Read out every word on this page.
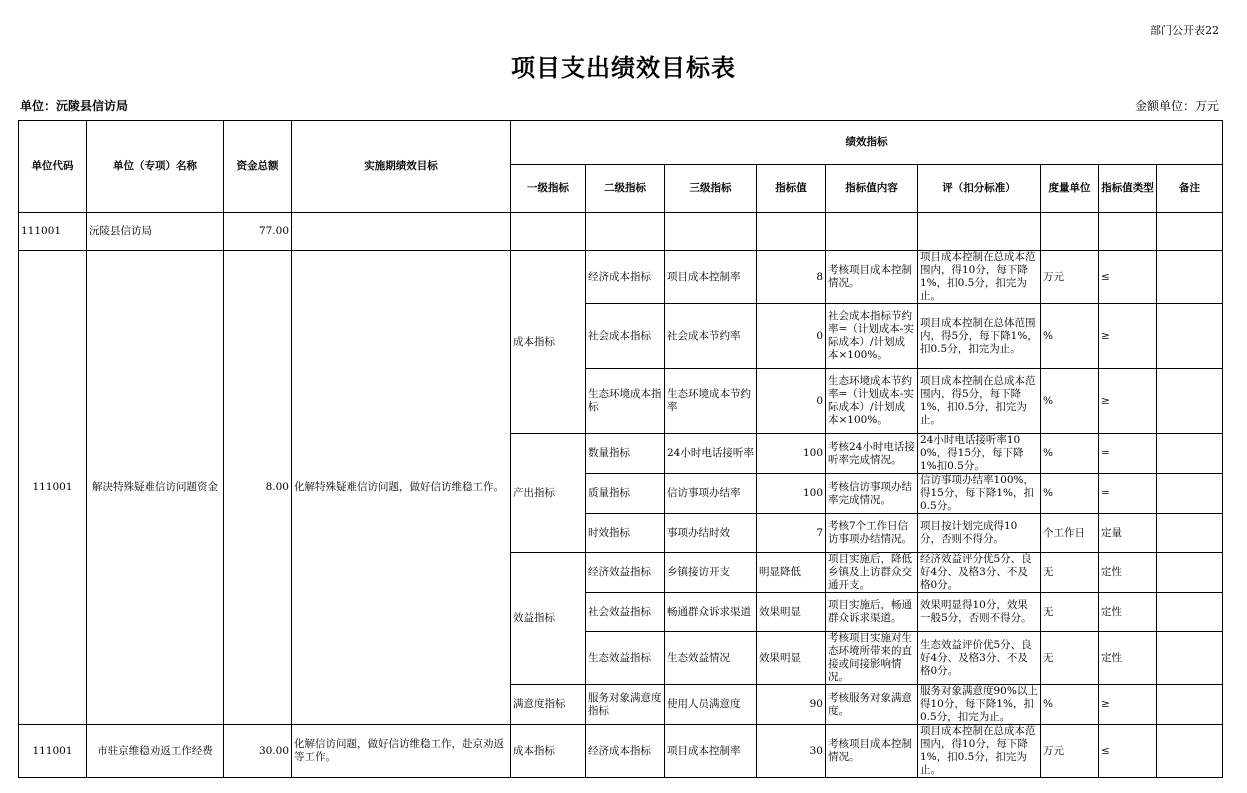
部门公开表22
项目支出绩效目标表
单位：沅陵县信访局	金额单位：万元
单位代码	单位（专项）名称	资金总额	实施期绩效目标	绩效指标								
				一级指标	二级指标	三级指标	指标值	指标值内容	评（扣分标准）	度量单位	指标值类型	备注
111001	沅陵县信访局	77.00										
111001	解决特殊疑难信访问题资金	8.00	化解特殊疑难信访问题，做好信访维稳工作。	成本指标	经济成本指标	项目成本控制率	8	考核项目成本控制情况。	项目成本控制在总成本范围内，得10分，每下降1%，扣0.5分，扣完为止。	万元	≤	
					社会成本指标	社会成本节约率	0	社会成本指标节约率=（计划成本-实际成本）/计划成本×100%。	项目成本控制在总体范围内，得5分，每下降1%，扣0.5分，扣完为止。	%	≥	
					生态环境成本指标	生态环境成本节约率	0	生态环境成本节约率=（计划成本-实际成本）/计划成本×100%。	项目成本控制在总成本范围内，得5分，每下降1%，扣0.5分，扣完为止。	%	≥	
				产出指标	数量指标	24小时电话接听率	100	考核24小时电话接听率完成情况。	24小时电话接听率100%，得15分，每下降1%扣0.5分。	%	=	
					质量指标	信访事项办结率	100	考核信访事项办结率完成情况。	信访事项办结率100%，得15分，每下降1%，扣0.5分。	%	=	
					时效指标	事项办结时效	7	考核7个工作日信访事项办结情况。	项目按计划完成得10分，否则不得分。	个工作日	定量	
				效益指标	经济效益指标	乡镇接访开支	明显降低	项目实施后，降低乡镇及上访群众交通开支。	经济效益评分优5分、良好4分、及格3分、不及格0分。	无	定性	
					社会效益指标	畅通群众诉求渠道	效果明显	项目实施后，畅通群众诉求渠道。	效果明显得10分，效果一般5分，否则不得分。	无	定性	
					生态效益指标	生态效益情况	效果明显	考核项目实施对生态环境所带来的直接或间接影响情况。	生态效益评价优5分、良好4分、及格3分、不及格0分。	无	定性	
				满意度指标	服务对象满意度指标	使用人员满意度	90	考核服务对象满意度。	服务对象满意度90%以上得10分，每下降1%，扣0.5分，扣完为止。	%	≥	
111001	市驻京维稳劝返工作经费	30.00	化解信访问题，做好信访维稳工作，赴京劝返等工作。	成本指标	经济成本指标	项目成本控制率	30	考核项目成本控制情况。	项目成本控制在总成本范围内，得10分，每下降1%，扣0.5分，扣完为止。	万元	≤	
